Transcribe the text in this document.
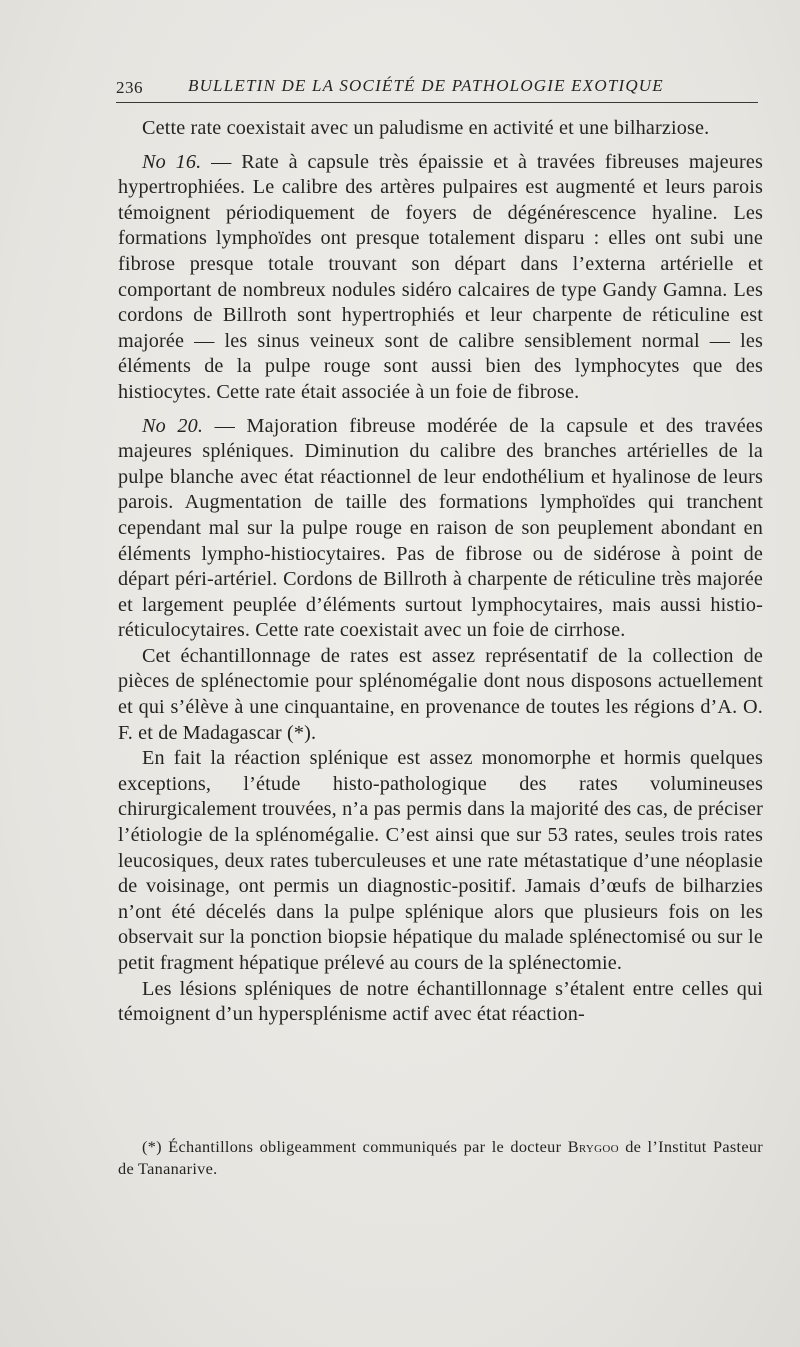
236	BULLETIN DE LA SOCIÉTÉ DE PATHOLOGIE EXOTIQUE

Cette rate coexistait avec un paludisme en activité et une bilharziose.

No 16. — Rate à capsule très épaissie et à travées fibreuses majeures hypertrophiées. Le calibre des artères pulpaires est augmenté et leurs parois témoignent périodiquement de foyers de dégénérescence hyaline. Les formations lymphoïdes ont presque totalement disparu : elles ont subi une fibrose presque totale trouvant son départ dans l’externa artérielle et comportant de nombreux nodules sidéro calcaires de type Gandy Gamna. Les cordons de Billroth sont hypertrophiés et leur charpente de réticuline est majorée — les sinus veineux sont de calibre sensiblement normal — les éléments de la pulpe rouge sont aussi bien des lymphocytes que des histiocytes. Cette rate était associée à un foie de fibrose.

No 20. — Majoration fibreuse modérée de la capsule et des travées majeures spléniques. Diminution du calibre des branches artérielles de la pulpe blanche avec état réactionnel de leur endothélium et hyalinose de leurs parois. Augmentation de taille des formations lymphoïdes qui tranchent cependant mal sur la pulpe rouge en raison de son peuplement abondant en éléments lympho-histiocytaires. Pas de fibrose ou de sidérose à point de départ péri-artériel. Cordons de Billroth à charpente de réticuline très majorée et largement peuplée d’éléments surtout lymphocytaires, mais aussi histio-réticulocytaires. Cette rate coexistait avec un foie de cirrhose.

Cet échantillonnage de rates est assez représentatif de la collection de pièces de splénectomie pour splénomégalie dont nous disposons actuellement et qui s’élève à une cinquantaine, en provenance de toutes les régions d’A. O. F. et de Madagascar (*).

En fait la réaction splénique est assez monomorphe et hormis quelques exceptions, l’étude histo-pathologique des rates volumineuses chirurgicalement trouvées, n’a pas permis dans la majorité des cas, de préciser l’étiologie de la splénomégalie. C’est ainsi que sur 53 rates, seules trois rates leucosiques, deux rates tuberculeuses et une rate métastatique d’une néoplasie de voisinage, ont permis un diagnostic-positif. Jamais d’œufs de bilharzies n’ont été décelés dans la pulpe splénique alors que plusieurs fois on les observait sur la ponction biopsie hépatique du malade splénectomisé ou sur le petit fragment hépatique prélevé au cours de la splénectomie.

Les lésions spléniques de notre échantillonnage s’étalent entre celles qui témoignent d’un hypersplénisme actif avec état réaction-

(*) Échantillons obligeamment communiqués par le docteur Brygoo de l’Institut Pasteur de Tananarive.
